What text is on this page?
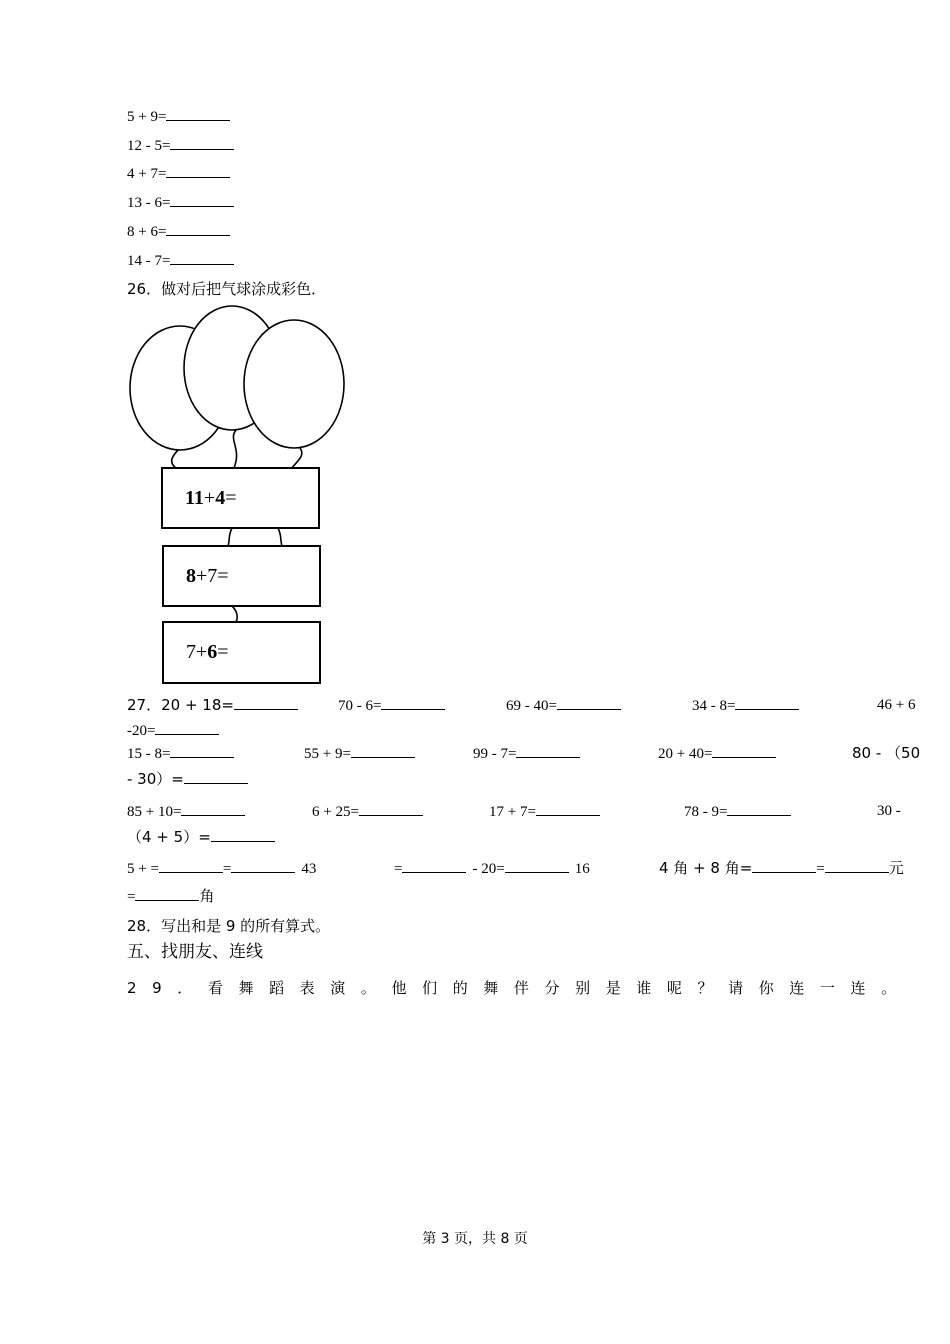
5 + 9=
12 - 5=
4 + 7=
13 - 6=
8 + 6=
14 - 7=
26．做对后把气球涂成彩色．
11 + 4 =
8 + 7 =
7 + 6 =
27．20 + 18=	70 - 6=	69 - 40=	34 - 8=	46 + 6
-20=
15 - 8=	55 + 9=	99 - 7=	20 + 40=	80 - （50
- 30）=
85 + 10=	6 + 25=	17 + 7=	78 - 9=	30 -
（4 + 5）=
5 + =	=	43	=	- 20=	16	4 角 + 8 角=	=	元
=	角
28．写出和是 9 的所有算式。
五、找朋友、连线
29．看舞蹈表演。他们的舞伴分别是谁呢？请你连一连。
第 3 页，共 8 页
